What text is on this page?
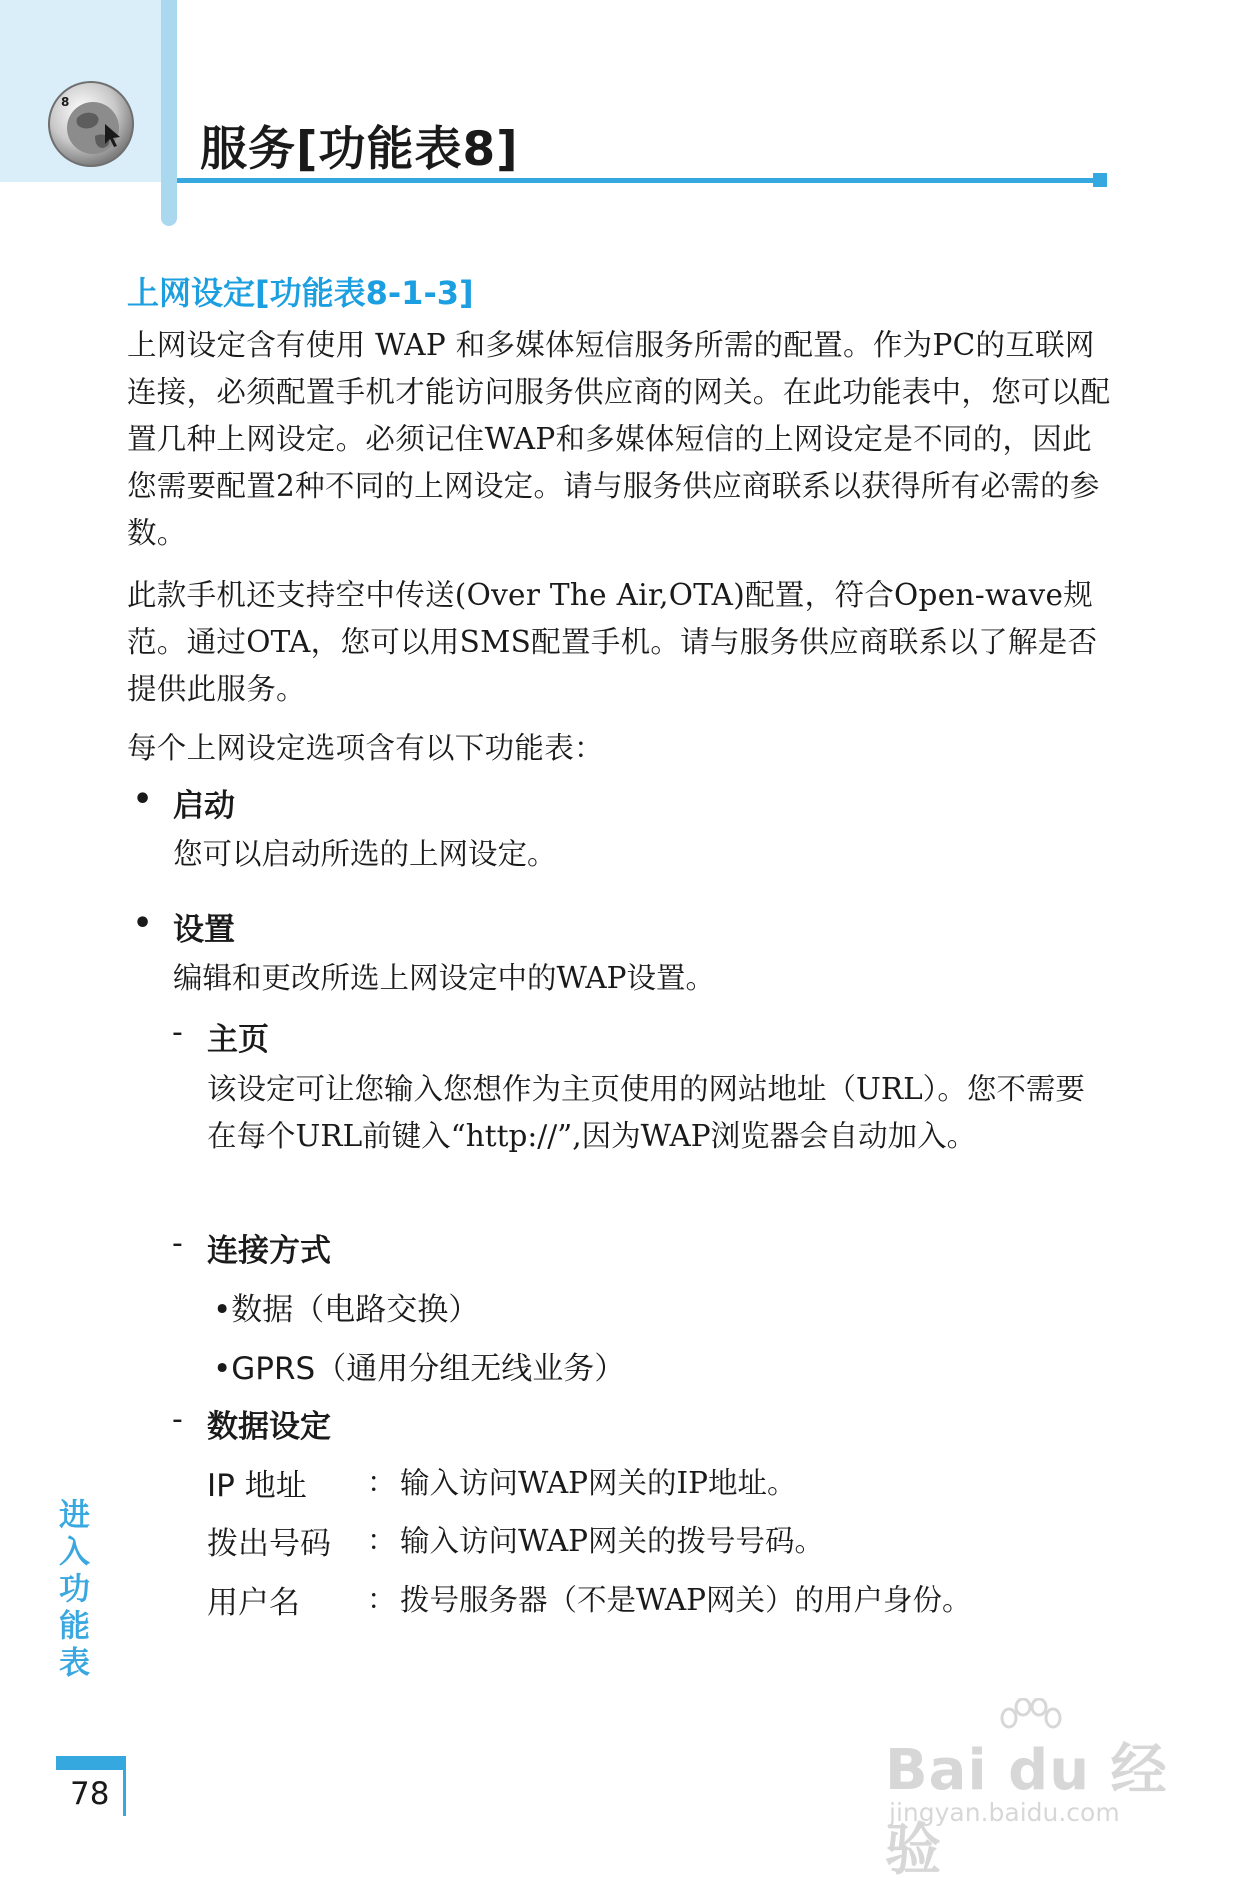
8
服务[功能表8]
上网设定[功能表8-1-3]

上网设定含有使用 WAP 和多媒体短信服务所需的配置。作为PC的互联网连接，必须配置手机才能访问服务供应商的网关。在此功能表中，您可以配置几种上网设定。必须记住WAP和多媒体短信的上网设定是不同的，因此您需要配置2种不同的上网设定。请与服务供应商联系以获得所有必需的参数。

此款手机还支持空中传送(Over The Air,OTA)配置，符合Open-wave规范。通过OTA，您可以用SMS配置手机。请与服务供应商联系以了解是否提供此服务。

每个上网设定选项含有以下功能表：

• 启动

您可以启动所选的上网设定。

• 设置

编辑和更改所选上网设定中的WAP设置。

- 主页

该设定可让您输入您想作为主页使用的网站地址（URL）。您不需要在每个URL前键入“http://”,因为WAP浏览器会自动加入。

- 连接方式

•数据（电路交换）

•GPRS（通用分组无线业务）

- 数据设定
IP 地址 ： 输入访问WAP网关的IP地址。
拨出号码 ： 输入访问WAP网关的拨号号码。
用户名 ： 拨号服务器（不是WAP网关）的用户身份。
进入功能表
78	Bai du 经验
jingyan.baidu.com
